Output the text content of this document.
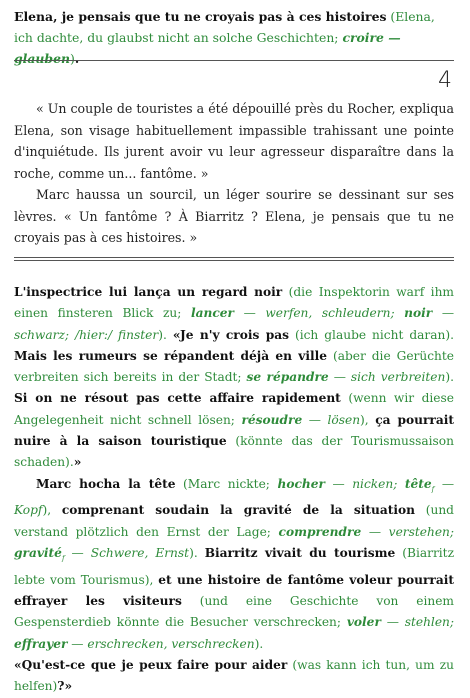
Elena, je pensais que tu ne croyais pas à ces histoires (Elena, ich dachte, du glaubst nicht an solche Geschichten; croire — glauben).
4

« Un couple de touristes a été dépouillé près du Rocher, expliqua Elena, son visage habituellement impassible trahissant une pointe d'inquiétude. Ils jurent avoir vu leur agresseur disparaître dans la roche, comme un... fantôme. »

Marc haussa un sourcil, un léger sourire se dessinant sur ses lèvres. « Un fantôme ? À Biarritz ? Elena, je pensais que tu ne croyais pas à ces histoires. »

L'inspectrice lui lança un regard noir (die Inspektorin warf ihm einen finsteren Blick zu; lancer — werfen, schleudern; noir — schwarz; /hier:/ finster). «Je n'y crois pas (ich glaube nicht daran). Mais les rumeurs se répandent déjà en ville (aber die Gerüchte verbreiten sich bereits in der Stadt; se répandre — sich verbreiten). Si on ne résout pas cette affaire rapidement (wenn wir diese Angelegenheit nicht schnell lösen; résoudre — lösen), ça pourrait nuire à la saison touristique (könnte das der Tourismussaison schaden).»

Marc hocha la tête (Marc nickte; hocher — nicken; tête$_f$ — Kopf), comprenant soudain la gravité de la situation (und verstand plötzlich den Ernst der Lage; comprendre — verstehen; gravité$_f$ — Schwere, Ernst). Biarritz vivait du tourisme (Biarritz lebte vom Tourismus), et une histoire de fantôme voleur pourrait effrayer les visiteurs (und eine Geschichte von einem Gespensterdieb könnte die Besucher verschrecken; voler — stehlen; effrayer — erschrecken, verschrecken).

«Qu'est-ce que je peux faire pour aider (was kann ich tun, um zu helfen)?»
